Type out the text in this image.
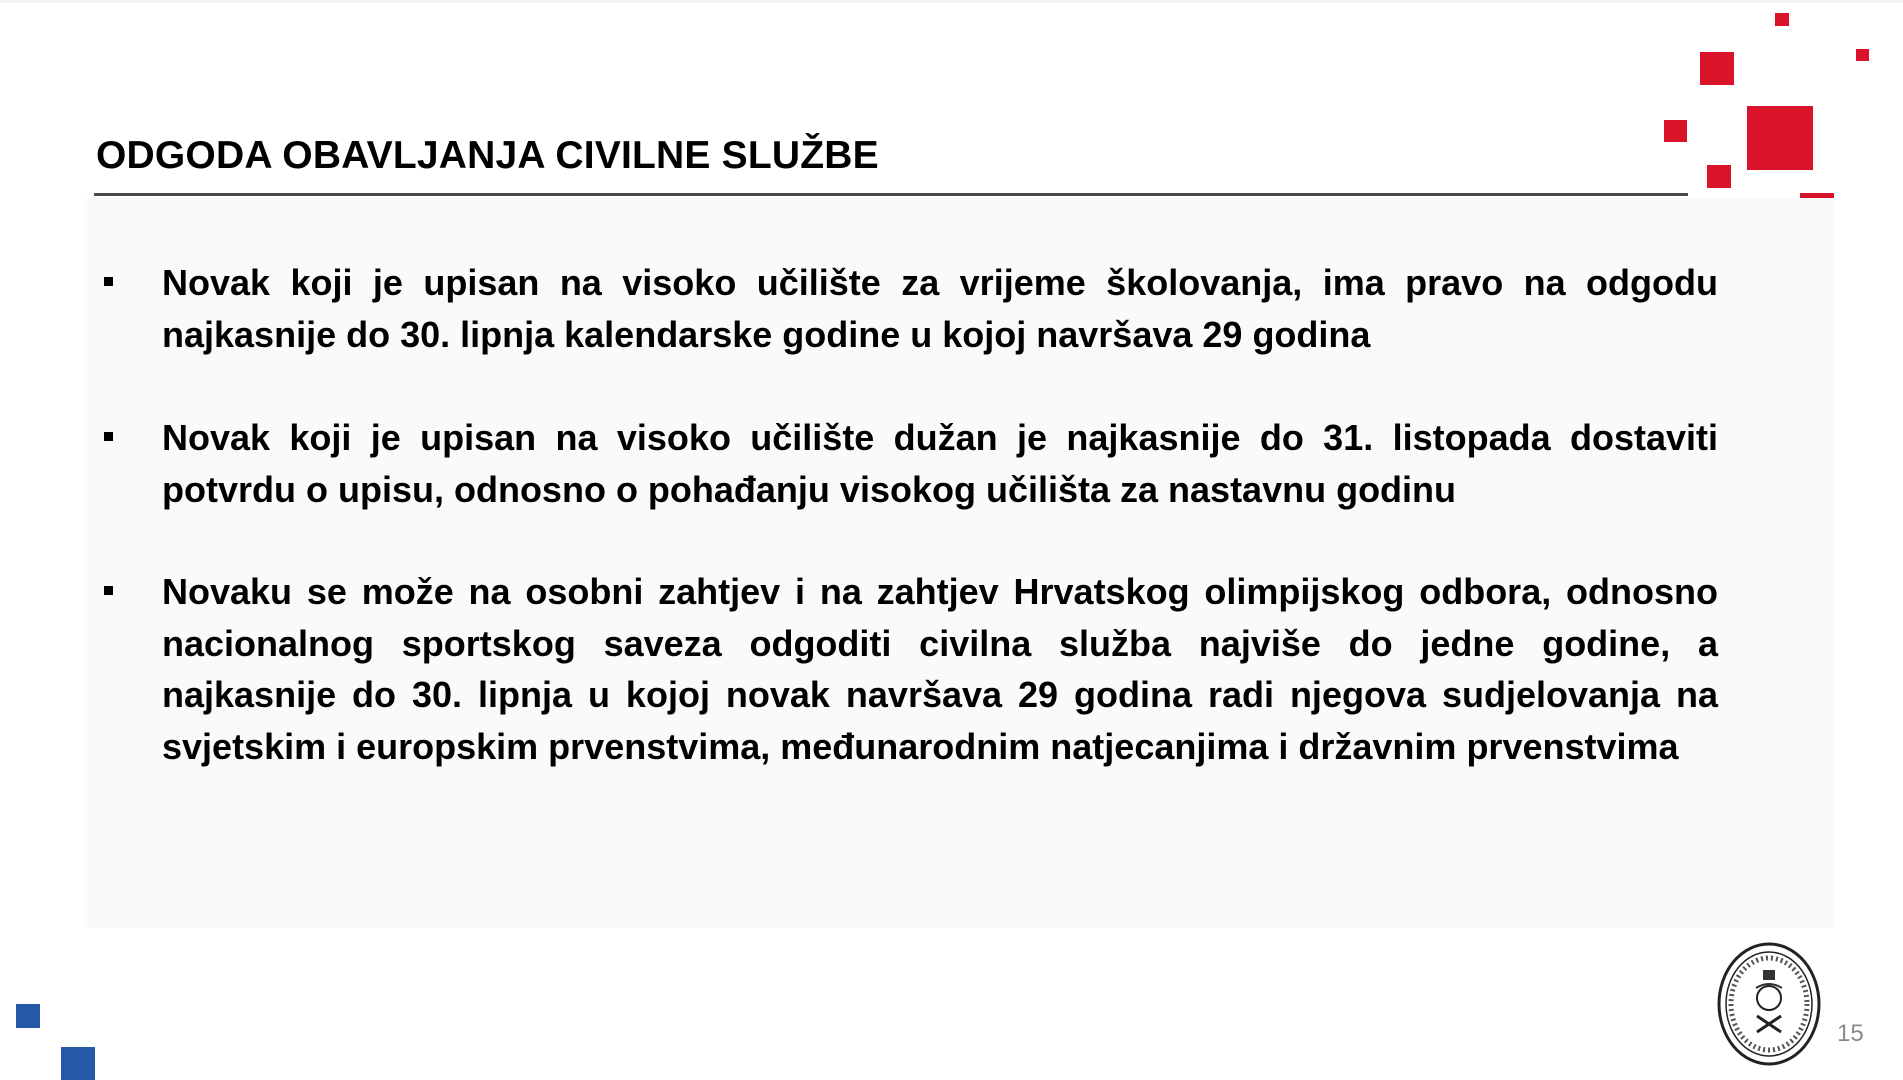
ODGODA OBAVLJANJA CIVILNE SLUŽBE

Novak koji je upisan na visoko učilište za vrijeme školovanja, ima pravo na odgodu najkasnije do 30. lipnja kalendarske godine u kojoj navršava 29 godina

Novak koji je upisan na visoko učilište dužan je najkasnije do 31. listopada dostaviti potvrdu o upisu, odnosno o pohađanju visokog učilišta za nastavnu godinu

Novaku se može na osobni zahtjev i na zahtjev Hrvatskog olimpijskog odbora, odnosno nacionalnog sportskog saveza odgoditi civilna služba najviše do jedne godine, a najkasnije do 30. lipnja u kojoj novak navršava 29 godina radi njegova sudjelovanja na svjetskim i europskim prvenstvima, međunarodnim natjecanjima i državnim prvenstvima

15
